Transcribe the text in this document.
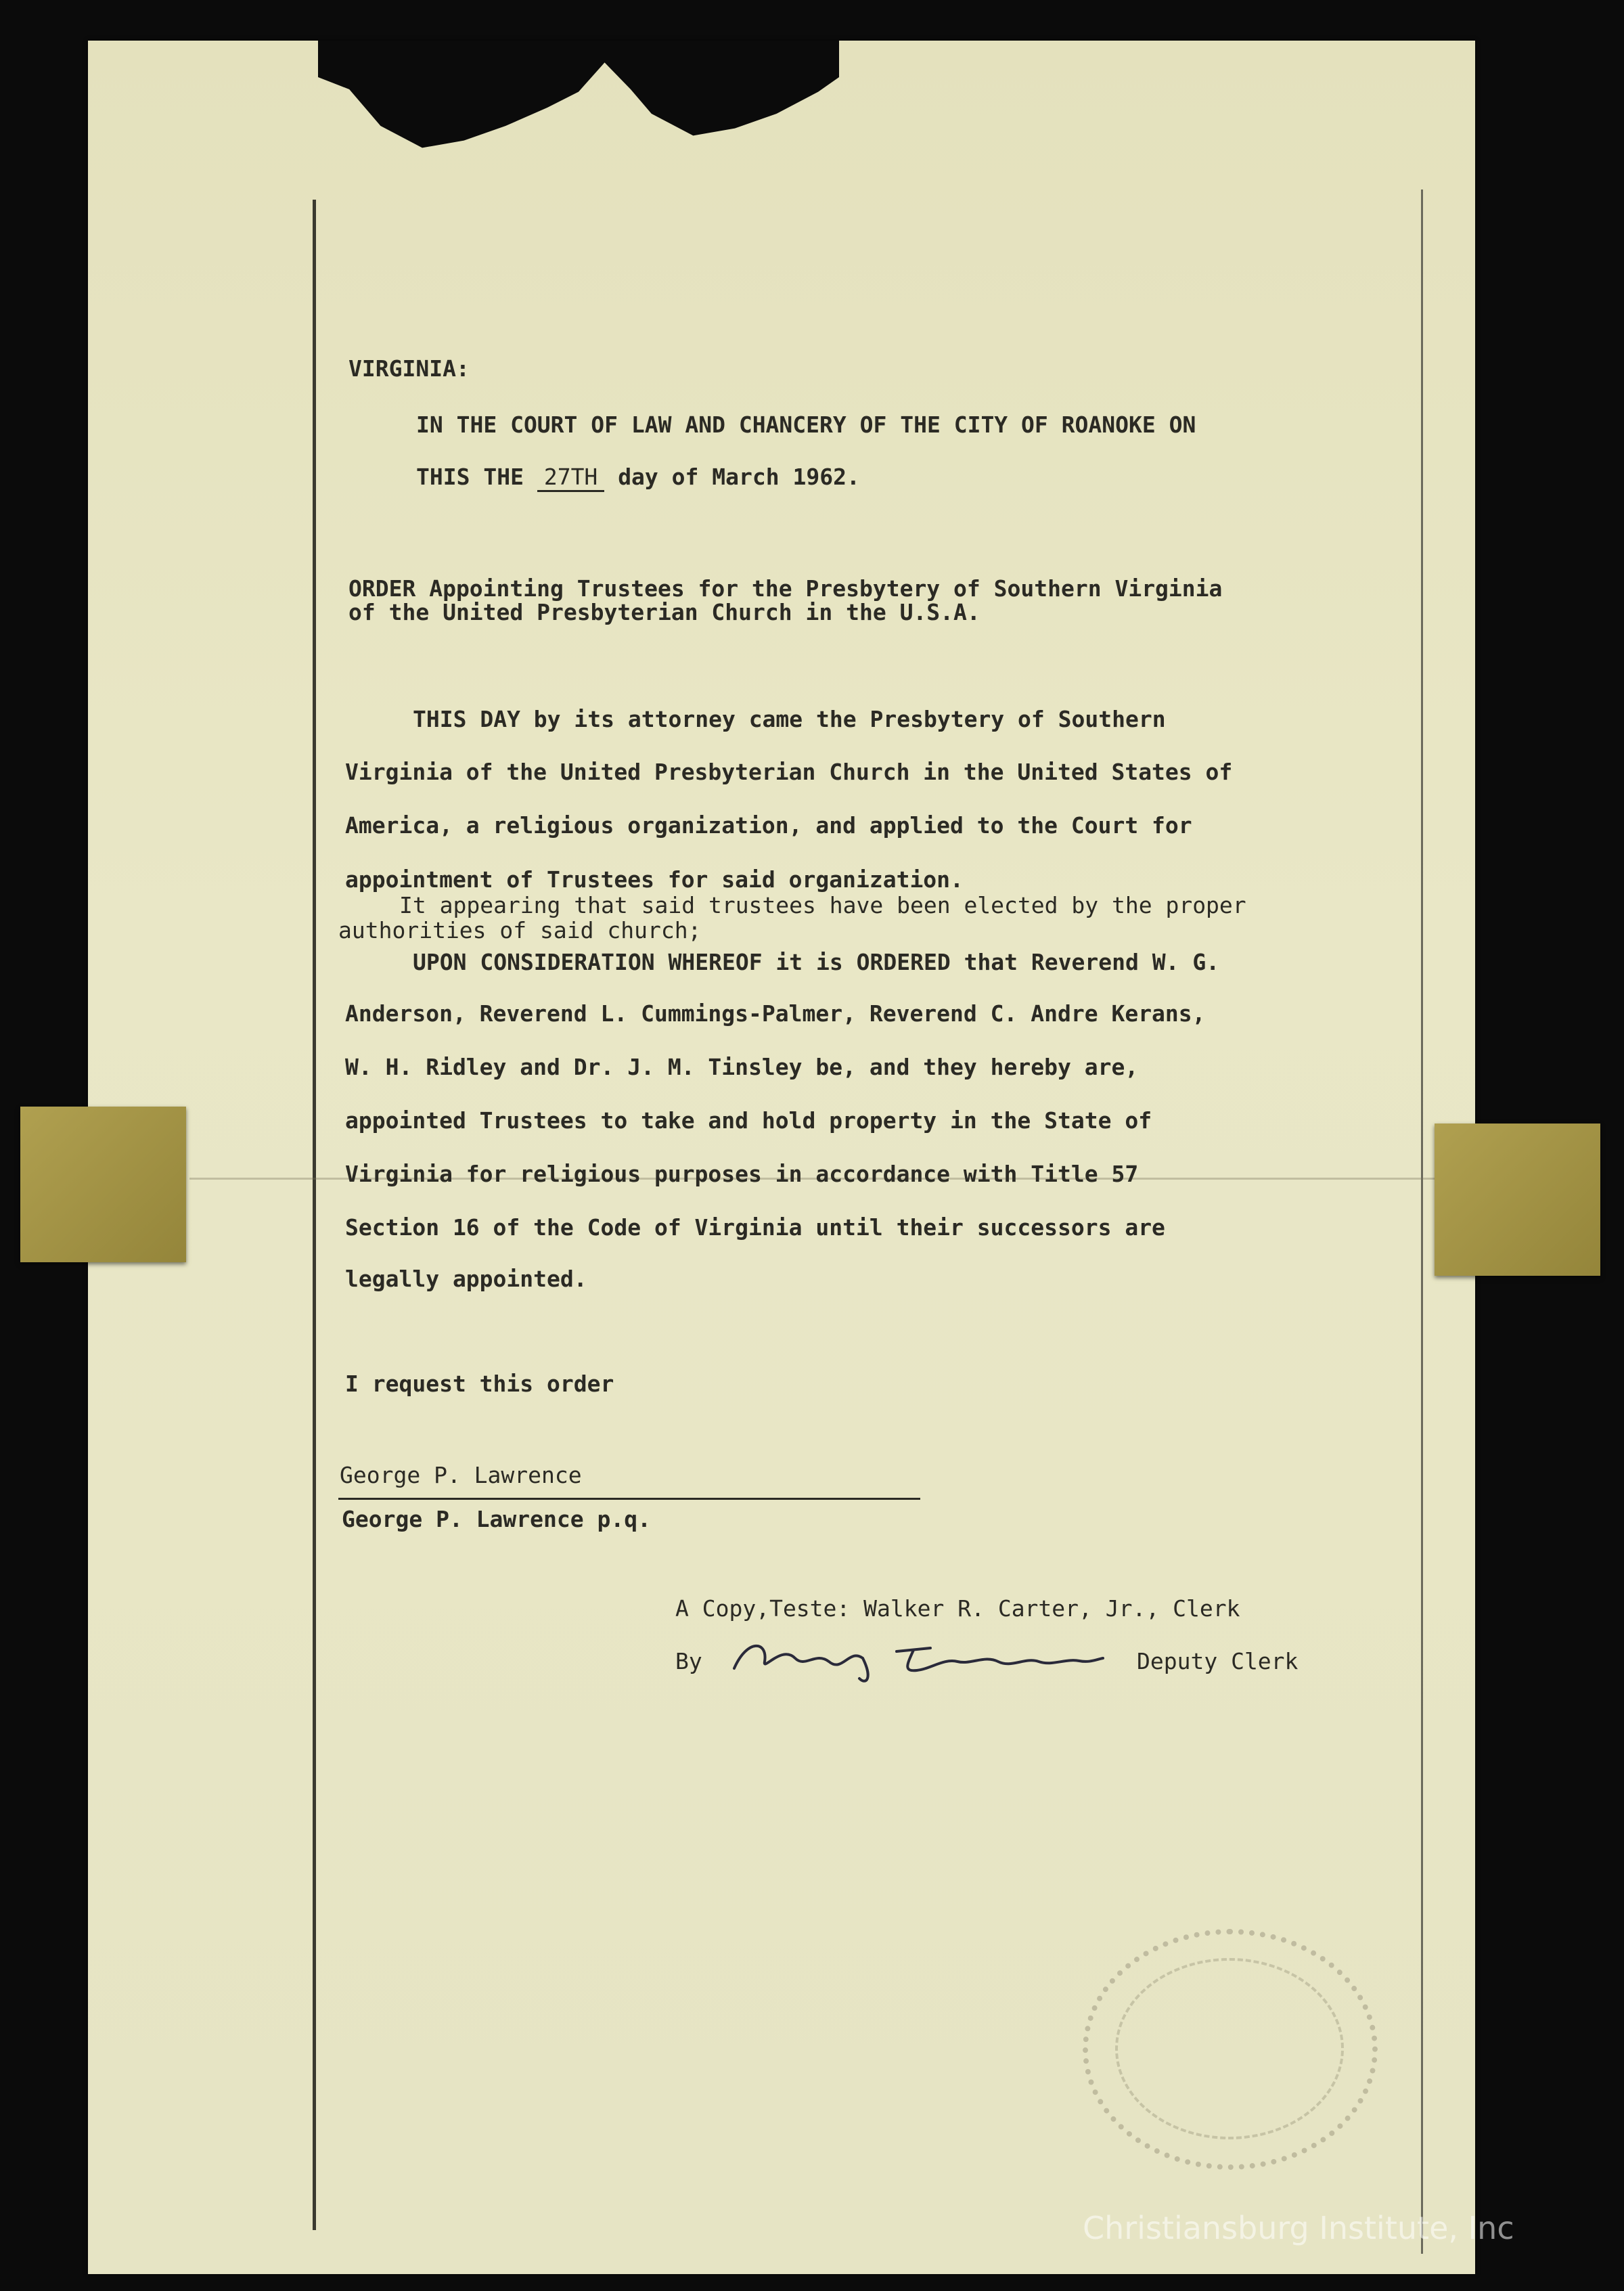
VIRGINIA:
IN THE COURT OF LAW AND CHANCERY OF THE CITY OF ROANOKE ON
THIS THE 27TH day of March 1962.
ORDER Appointing Trustees for the Presbytery of Southern Virginia
of the United Presbyterian Church in the U.S.A.
THIS DAY by its attorney came the Presbytery of Southern
Virginia of the United Presbyterian Church in the United States of
America, a religious organization, and applied to the Court for
appointment of Trustees for said organization.
It appearing that said trustees have been elected by the proper
authorities of said church;
UPON CONSIDERATION WHEREOF it is ORDERED that Reverend W. G.
Anderson, Reverend L. Cummings-Palmer, Reverend C. Andre Kerans,
W. H. Ridley and Dr. J. M. Tinsley be, and they hereby are,
appointed Trustees to take and hold property in the State of
Virginia for religious purposes in accordance with Title 57
Section 16 of the Code of Virginia until their successors are
legally appointed.
I request this order
George P. Lawrence
George P. Lawrence p.q.
A Copy,Teste: Walker R. Carter, Jr., Clerk
By	Deputy Clerk
Christiansburg Institute, Inc
